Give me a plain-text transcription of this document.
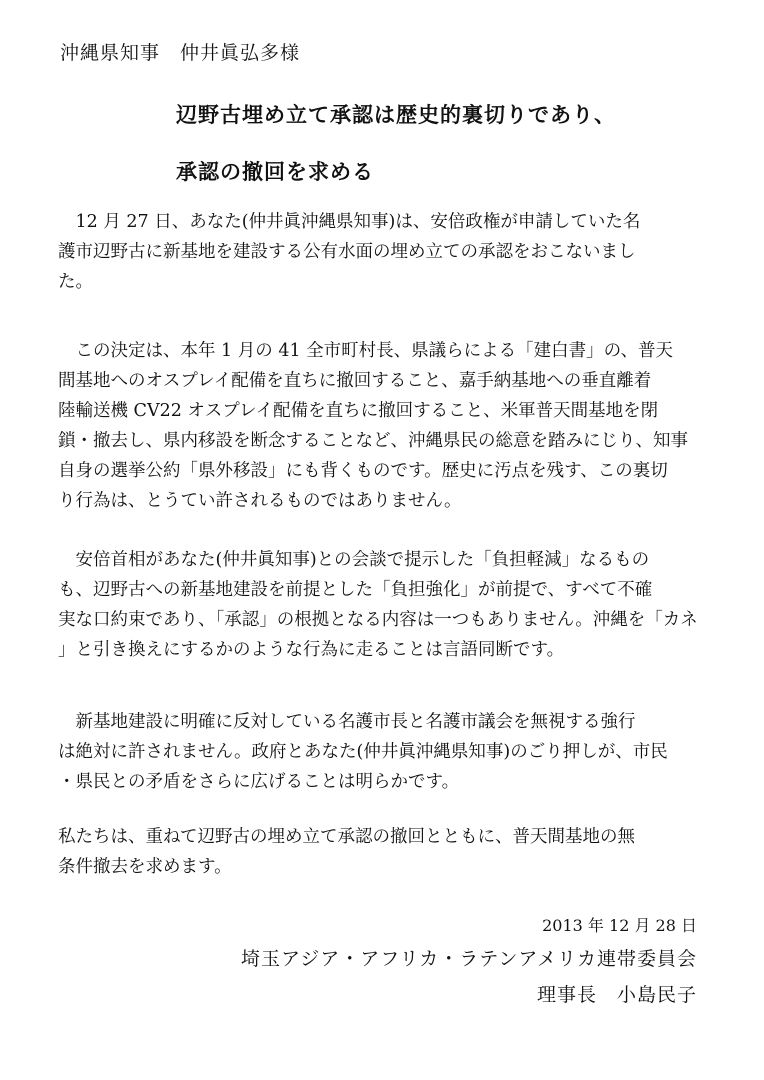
沖縄県知事　仲井眞弘多様
辺野古埋め立て承認は歴史的裏切りであり、
承認の撤回を求める
　12 月 27 日、あなた(仲井眞沖縄県知事)は、安倍政権が申請していた名
護市辺野古に新基地を建設する公有水面の埋め立ての承認をおこないまし
た。
　この決定は、本年 1 月の 41 全市町村長、県議らによる「建白書」の、普天
間基地へのオスプレイ配備を直ちに撤回すること、嘉手納基地への垂直離着
陸輸送機 CV22 オスプレイ配備を直ちに撤回すること、米軍普天間基地を閉
鎖・撤去し、県内移設を断念することなど、沖縄県民の総意を踏みにじり、知事
自身の選挙公約「県外移設」にも背くものです。歴史に汚点を残す、この裏切
り行為は、とうてい許されるものではありません。
　安倍首相があなた(仲井眞知事)との会談で提示した「負担軽減」なるもの
も、辺野古への新基地建設を前提とした「負担強化」が前提で、すべて不確
実な口約束であり、「承認」の根拠となる内容は一つもありません。沖縄を「カネ
」と引き換えにするかのような行為に走ることは言語同断です。
　新基地建設に明確に反対している名護市長と名護市議会を無視する強行
は絶対に許されません。政府とあなた(仲井眞沖縄県知事)のごり押しが、市民
・県民との矛盾をさらに広げることは明らかです。
私たちは、重ねて辺野古の埋め立て承認の撤回とともに、普天間基地の無
条件撤去を求めます。
2013 年 12 月 28 日
埼玉アジア・アフリカ・ラテンアメリカ連帯委員会
理事長　小島民子
